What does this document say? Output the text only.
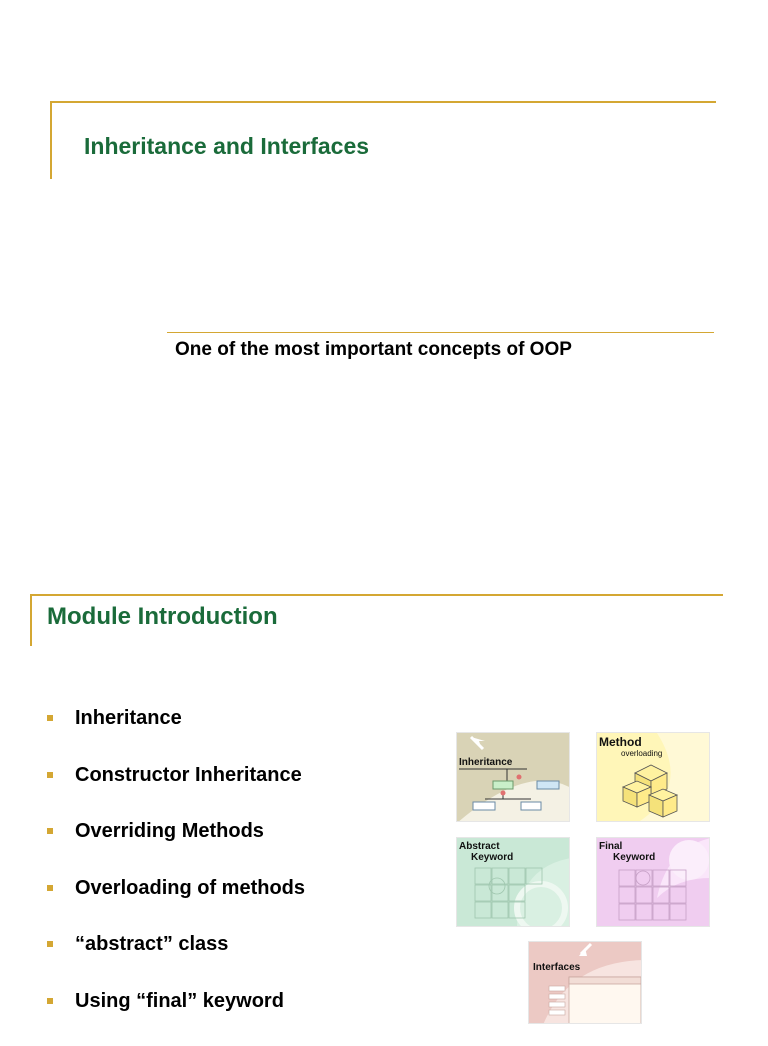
Inheritance and Interfaces
One of the most important concepts of OOP
Module Introduction
Inheritance
Constructor Inheritance
Overriding Methods
Overloading of methods
“abstract” class
Using “final” keyword
Inheritance
Method
overloading
Abstract
Keyword
Final
Keyword
Interfaces
